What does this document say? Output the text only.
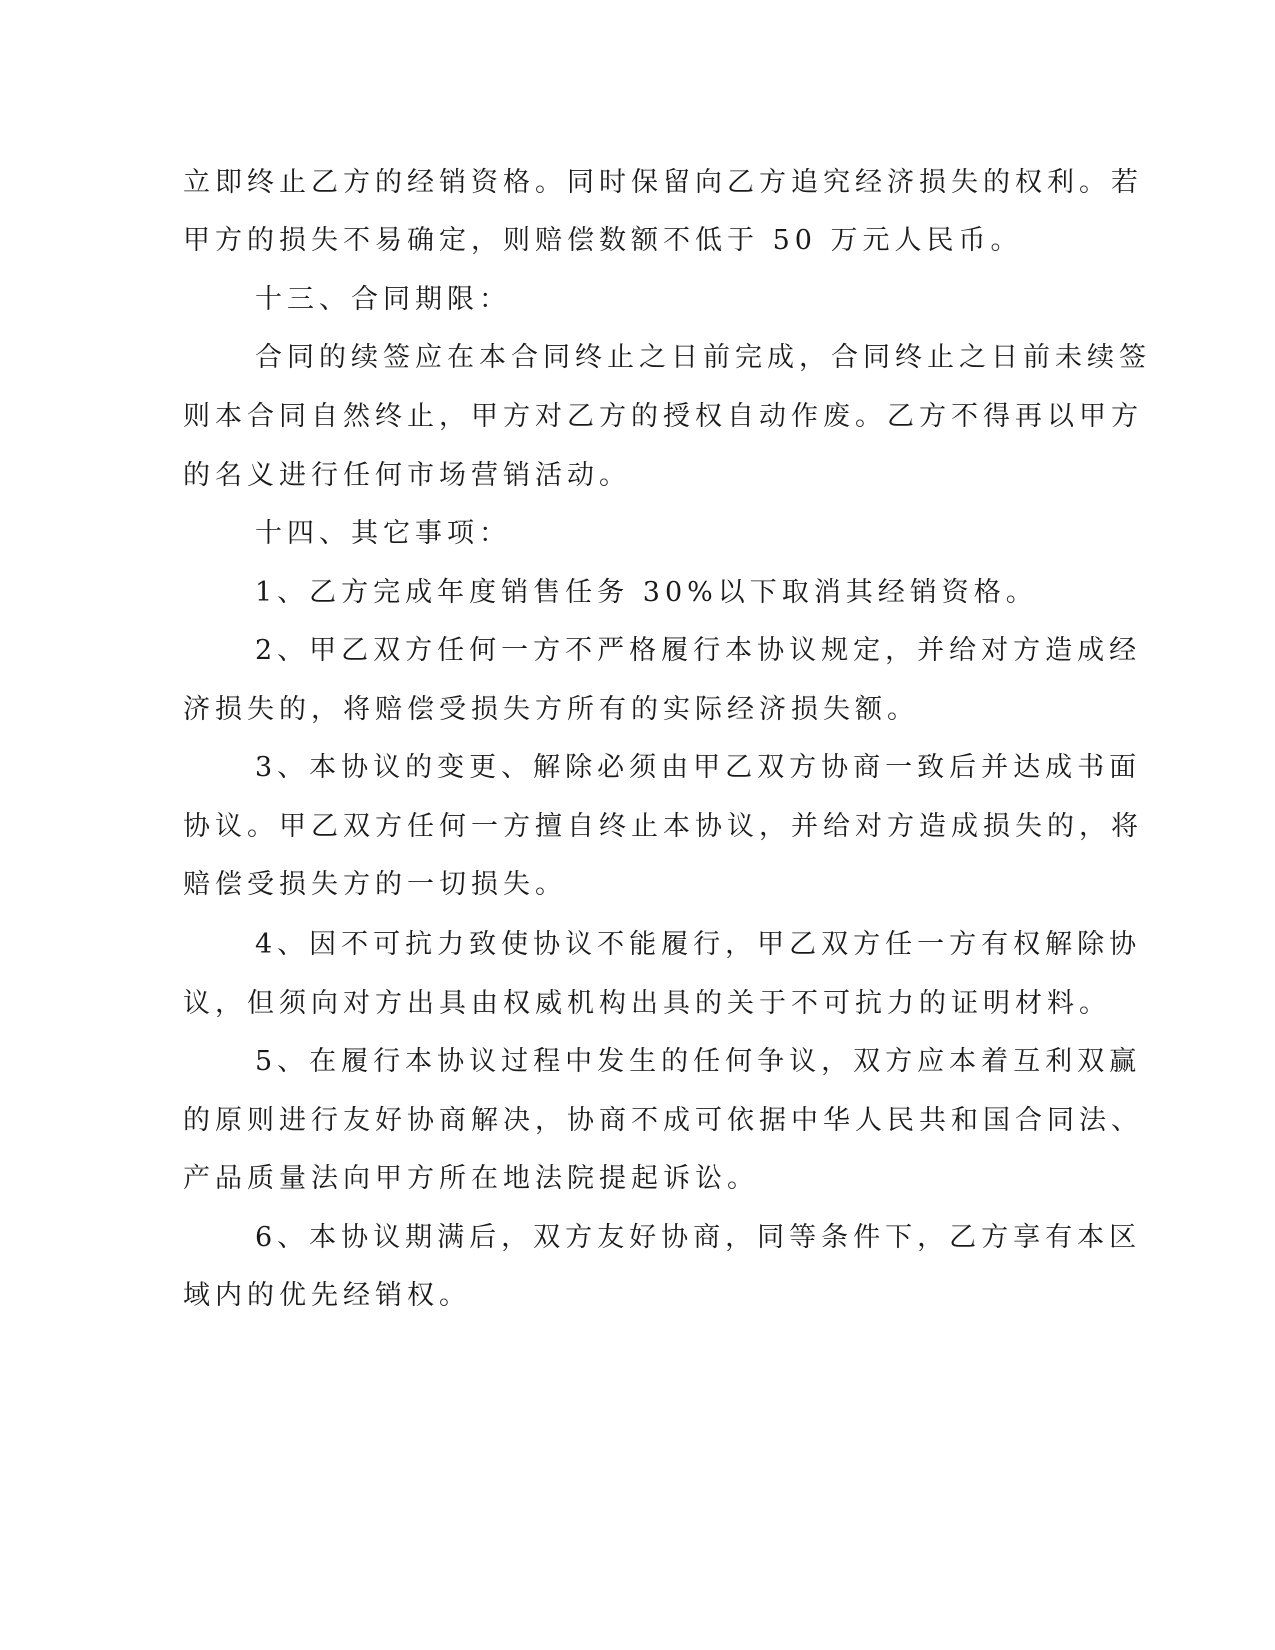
立即终止乙方的经销资格。同时保留向乙方追究经济损失的权利。若
甲方的损失不易确定，则赔偿数额不低于 50 万元人民币。
十三、合同期限：
合同的续签应在本合同终止之日前完成，合同终止之日前未续签
则本合同自然终止，甲方对乙方的授权自动作废。乙方不得再以甲方
的名义进行任何市场营销活动。
十四、其它事项：
1、乙方完成年度销售任务 30%以下取消其经销资格。
2、甲乙双方任何一方不严格履行本协议规定，并给对方造成经
济损失的，将赔偿受损失方所有的实际经济损失额。
3、本协议的变更、解除必须由甲乙双方协商一致后并达成书面
协议。甲乙双方任何一方擅自终止本协议，并给对方造成损失的，将
赔偿受损失方的一切损失。
4、因不可抗力致使协议不能履行，甲乙双方任一方有权解除协
议，但须向对方出具由权威机构出具的关于不可抗力的证明材料。
5、在履行本协议过程中发生的任何争议，双方应本着互利双赢
的原则进行友好协商解决，协商不成可依据中华人民共和国合同法、
产品质量法向甲方所在地法院提起诉讼。
6、本协议期满后，双方友好协商，同等条件下，乙方享有本区
域内的优先经销权。
